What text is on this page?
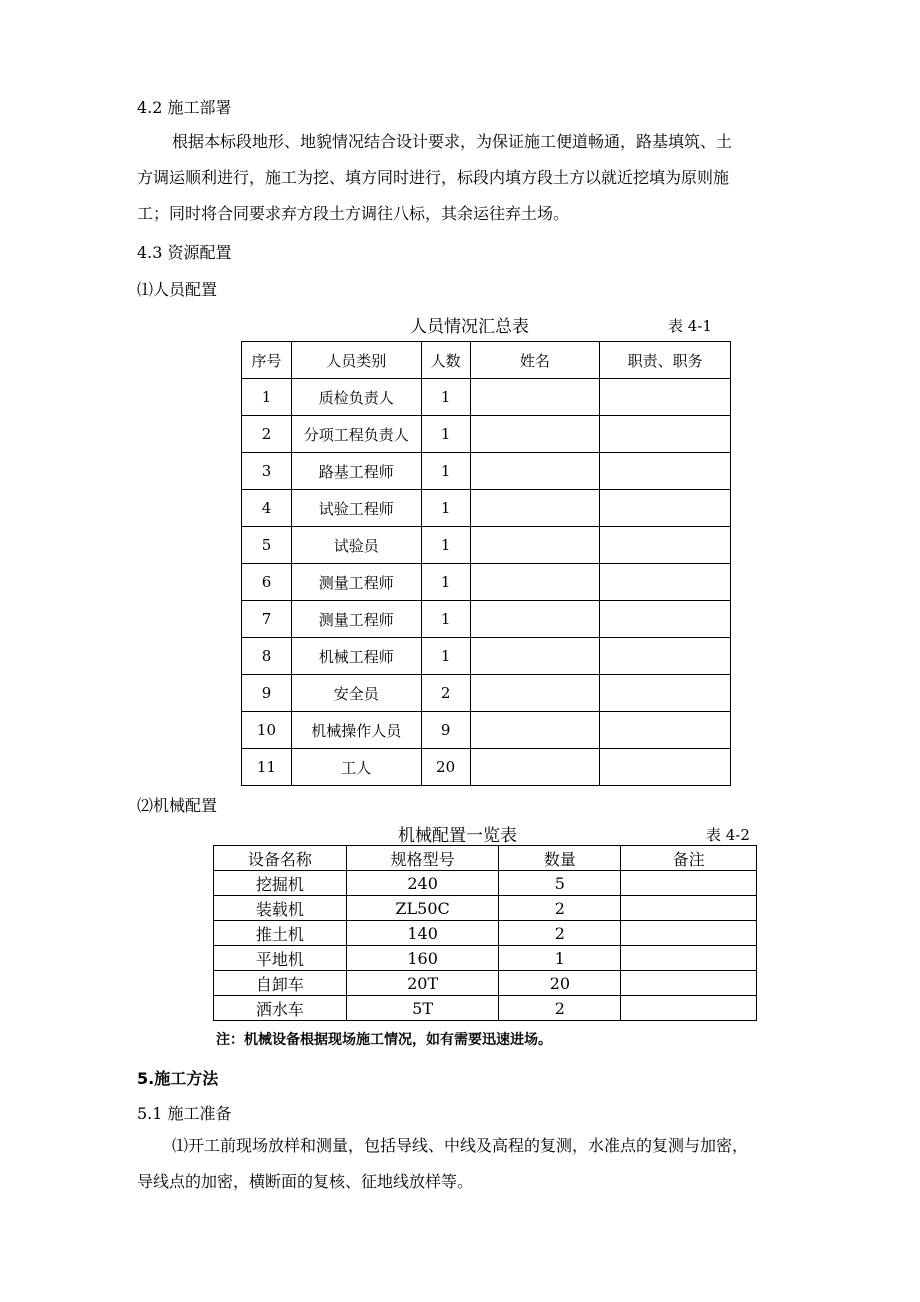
4.2 施工部署
根据本标段地形、地貌情况结合设计要求，为保证施工便道畅通，路基填筑、土
方调运顺利进行，施工为挖、填方同时进行，标段内填方段土方以就近挖填为原则施
工；同时将合同要求弃方段土方调往八标，其余运往弃土场。
4.3 资源配置
⑴人员配置
人员情况汇总表	表 4-1
序号	人员类别	人数	姓名	职责、职务
1	质检负责人	1		
2	分项工程负责人	1		
3	路基工程师	1		
4	试验工程师	1		
5	试验员	1		
6	测量工程师	1		
7	测量工程师	1		
8	机械工程师	1		
9	安全员	2		
10	机械操作人员	9		
11	工人	20		
⑵机械配置
机械配置一览表	表 4-2
设备名称	规格型号	数量	备注
挖掘机	240	5	
装载机	ZL50C	2	
推土机	140	2	
平地机	160	1	
自卸车	20T	20	
洒水车	5T	2	
注：机械设备根据现场施工情况，如有需要迅速进场。
5.施工方法
5.1 施工准备
⑴开工前现场放样和测量，包括导线、中线及高程的复测，水准点的复测与加密，
导线点的加密，横断面的复核、征地线放样等。
